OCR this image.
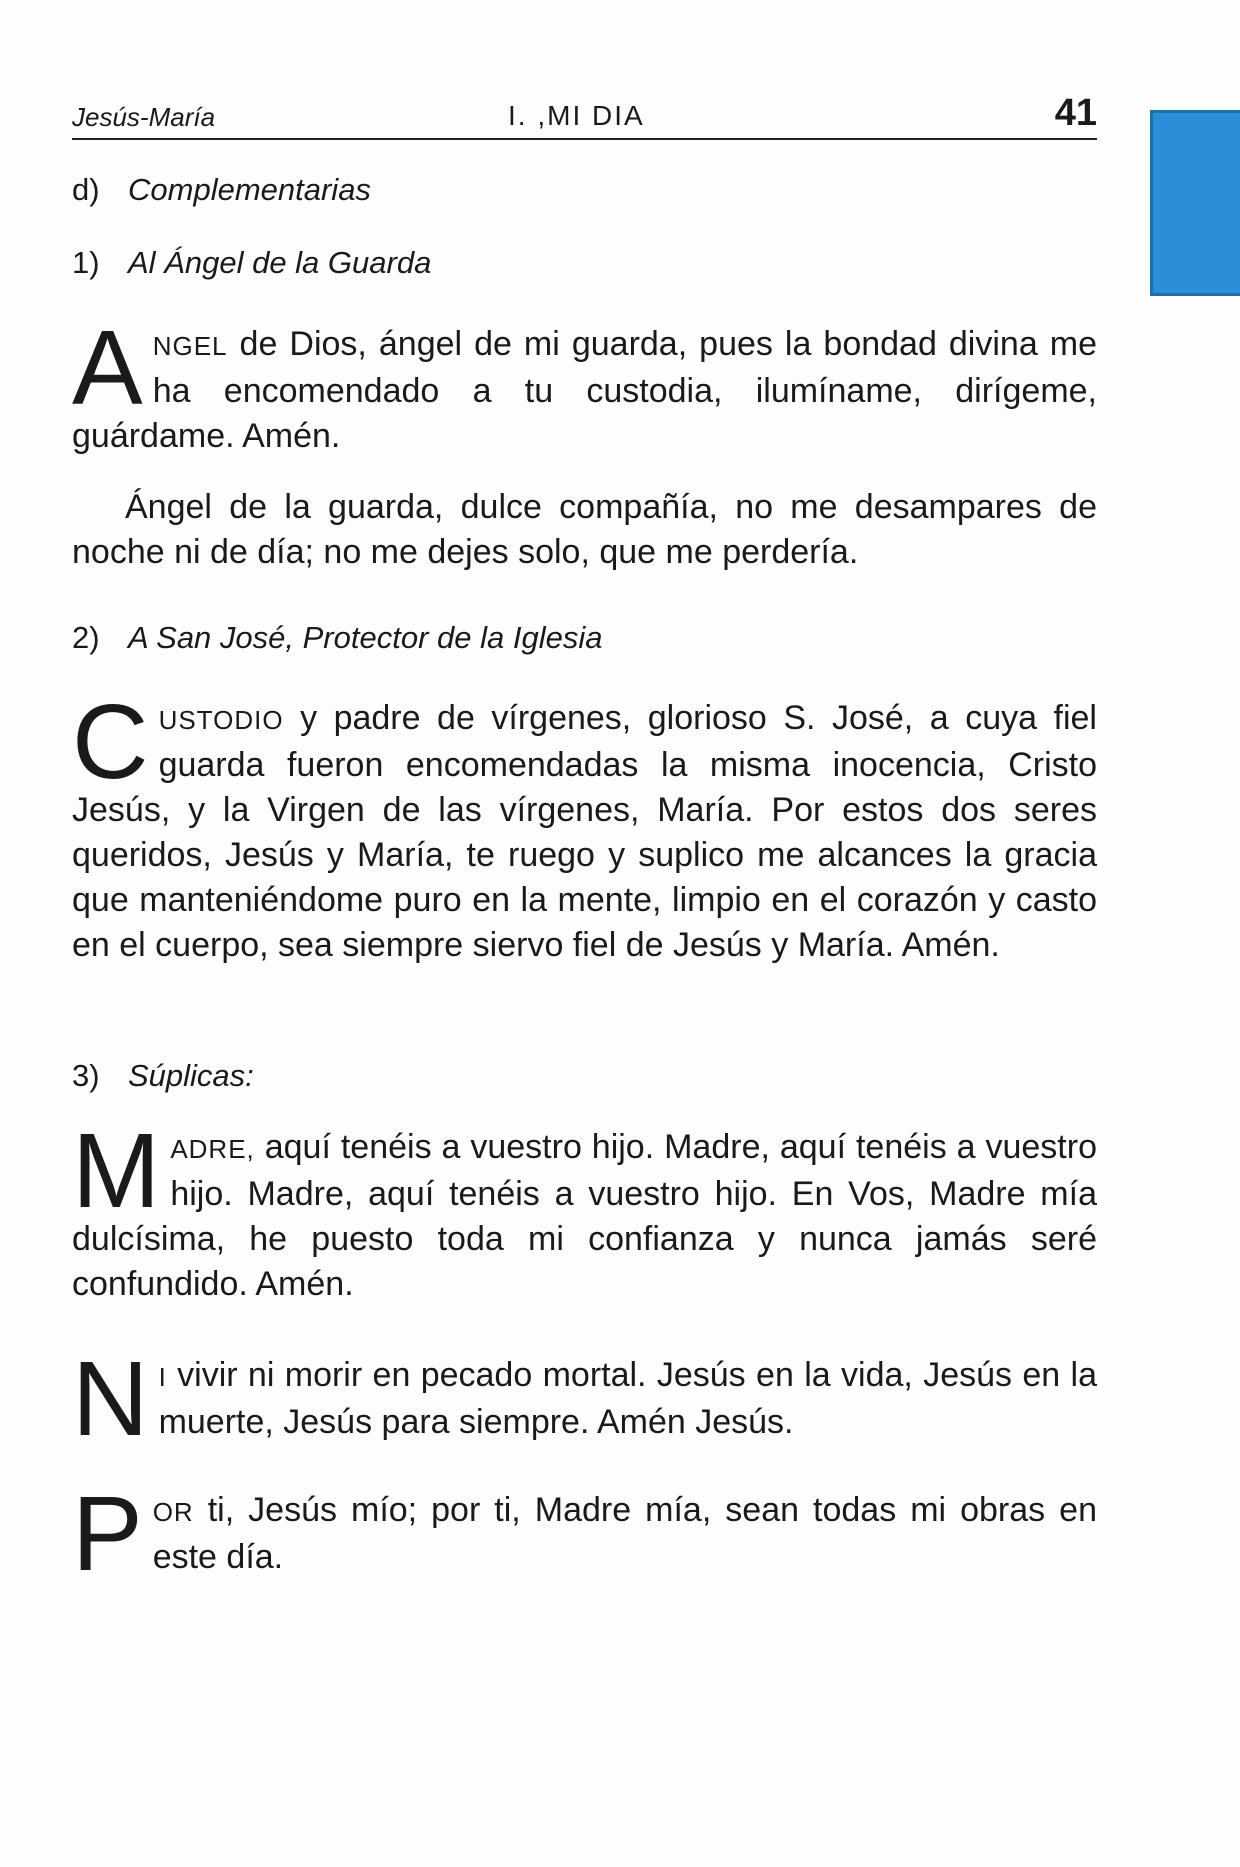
Jesús-María	I. ,MI DIA	41
d) Complementarias
1) Al Ángel de la Guarda
ANGEL de Dios, ángel de mi guarda, pues la bondad divina me ha encomendado a tu custodia, ilumíname, dirígeme, guárdame. Amén.
Ángel de la guarda, dulce compañía, no me desampares de noche ni de día; no me dejes solo, que me perdería.
2) A San José, Protector de la Iglesia
CUSTODIO y padre de vírgenes, glorioso S. José, a cuya fiel guarda fueron encomendadas la misma inocencia, Cristo Jesús, y la Virgen de las vírgenes, María. Por estos dos seres queridos, Jesús y María, te ruego y suplico me alcances la gracia que manteniéndome puro en la mente, limpio en el corazón y casto en el cuerpo, sea siempre siervo fiel de Jesús y María. Amén.
3) Súplicas:
MADRE, aquí tenéis a vuestro hijo. Madre, aquí tenéis a vuestro hijo. Madre, aquí tenéis a vuestro hijo. En Vos, Madre mía dulcísima, he puesto toda mi confianza y nunca jamás seré confundido. Amén.
N I vivir ni morir en pecado mortal. Jesús en la vida, Jesús en la muerte, Jesús para siempre. Amén Jesús.
POR ti, Jesús mío; por ti, Madre mía, sean todas mi obras en este día.
